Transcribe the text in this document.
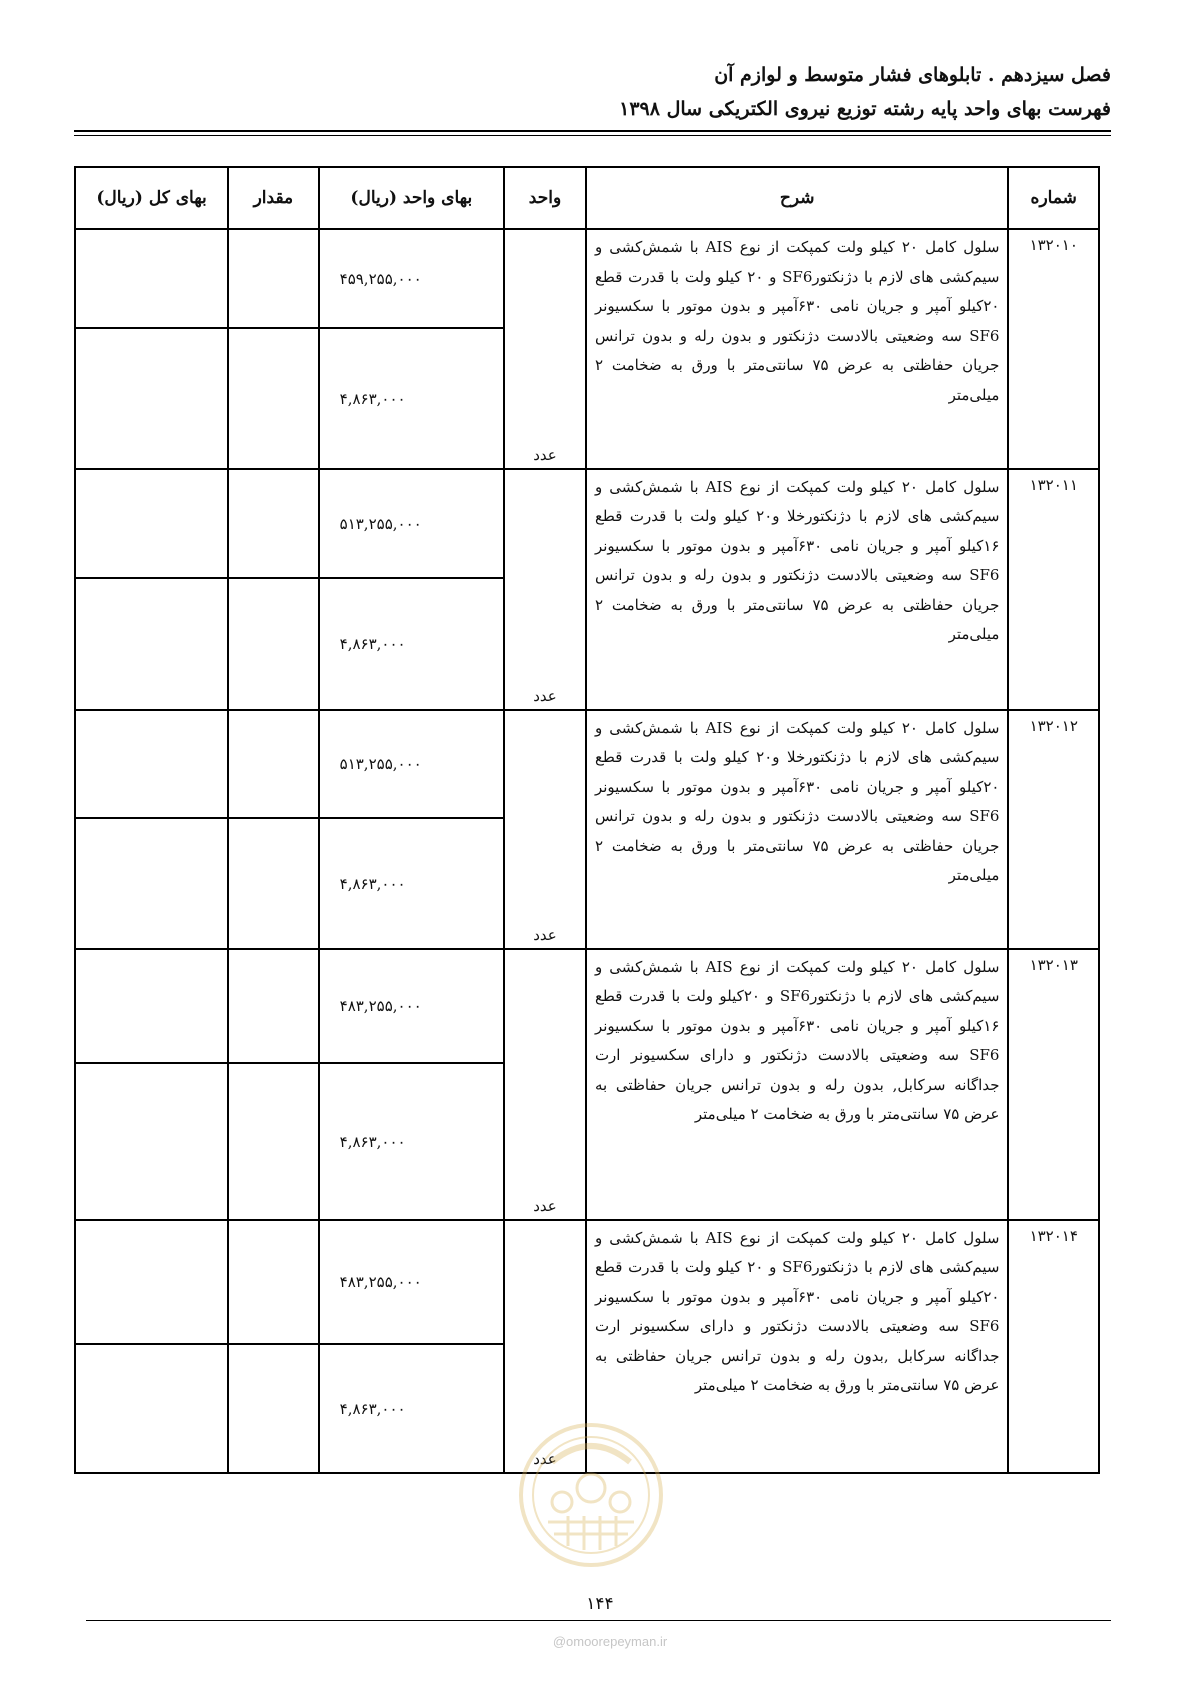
فصل سیزدهم . تابلوهای فشار متوسط و لوازم آن
فهرست بهای واحد پایه رشته توزیع نیروی الکتریکی سال ۱۳۹۸
شماره	شرح	واحد	بهای واحد (ریال)	مقدار	بهای کل (ریال)
۱۳۲۰۱۰	سلول کامل ۲۰ کیلو ولت کمپکت از نوع AIS با شمش‌کشی و سیم‌کشی های لازم با دژنکتورSF6 و ۲۰ کیلو ولت با قدرت قطع ۲۰کیلو آمپر و جریان نامی ۶۳۰آمپر و بدون موتور با سکسیونر SF6 سه وضعیتی بالادست دژنکتور و بدون رله و بدون ترانس جریان حفاظتی به عرض ۷۵ سانتی‌متر با ورق به ضخامت ۲ میلی‌متر	عدد	۴۵۹,۲۵۵,۰۰۰		
			۴,۸۶۳,۰۰۰		
۱۳۲۰۱۱	سلول کامل ۲۰ کیلو ولت کمپکت از نوع AIS با شمش‌کشی و سیم‌کشی های لازم با دژنکتورخلا و۲۰ کیلو ولت با قدرت قطع ۱۶کیلو آمپر و جریان نامی ۶۳۰آمپر و بدون موتور با سکسیونر SF6 سه وضعیتی بالادست دژنکتور و بدون رله و بدون ترانس جریان حفاظتی به عرض ۷۵ سانتی‌متر با ورق به ضخامت ۲ میلی‌متر	عدد	۵۱۳,۲۵۵,۰۰۰		
			۴,۸۶۳,۰۰۰		
۱۳۲۰۱۲	سلول کامل ۲۰ کیلو ولت کمپکت از نوع AIS با شمش‌کشی و سیم‌کشی های لازم با دژنکتورخلا و۲۰ کیلو ولت با قدرت قطع ۲۰کیلو آمپر و جریان نامی ۶۳۰آمپر و بدون موتور با سکسیونر SF6 سه وضعیتی بالادست دژنکتور و بدون رله و بدون ترانس جریان حفاظتی به عرض ۷۵ سانتی‌متر با ورق به ضخامت ۲ میلی‌متر	عدد	۵۱۳,۲۵۵,۰۰۰		
			۴,۸۶۳,۰۰۰		
۱۳۲۰۱۳	سلول کامل ۲۰ کیلو ولت کمپکت از نوع AIS با شمش‌کشی و سیم‌کشی های لازم با دژنکتورSF6 و ۲۰کیلو ولت با قدرت قطع ۱۶کیلو آمپر و جریان نامی ۶۳۰آمپر و بدون موتور با سکسیونر SF6 سه وضعیتی بالادست دژنکتور و دارای سکسیونر ارت جداگانه سرکابل, بدون رله و بدون ترانس جریان حفاظتی به عرض ۷۵ سانتی‌متر با ورق به ضخامت ۲ میلی‌متر	عدد	۴۸۳,۲۵۵,۰۰۰		
			۴,۸۶۳,۰۰۰		
۱۳۲۰۱۴	سلول کامل ۲۰ کیلو ولت کمپکت از نوع AIS با شمش‌کشی و سیم‌کشی های لازم با دژنکتورSF6 و ۲۰ کیلو ولت با قدرت قطع ۲۰کیلو آمپر و جریان نامی ۶۳۰آمپر و بدون موتور با سکسیونر SF6 سه وضعیتی بالادست دژنکتور و دارای سکسیونر ارت جداگانه سرکابل ,بدون رله و بدون ترانس جریان حفاظتی به عرض ۷۵ سانتی‌متر با ورق به ضخامت ۲ میلی‌متر	عدد	۴۸۳,۲۵۵,۰۰۰		
			۴,۸۶۳,۰۰۰		
۱۴۴
@omoorepeyman.ir
